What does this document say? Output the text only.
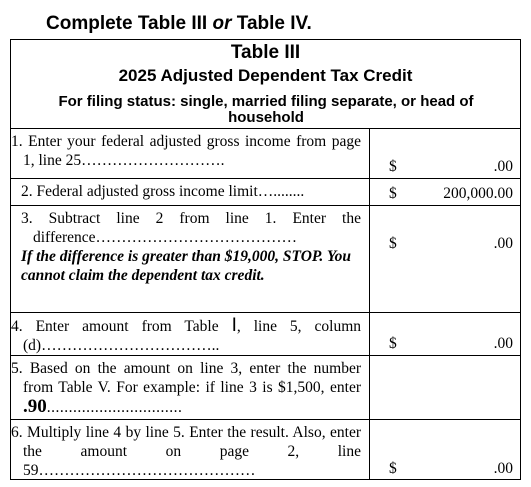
Complete Table III or Table IV.
Table III
2025 Adjusted Dependent Tax Credit
For filing status: single, married filing separate, or head of household
1. Enter your federal adjusted gross income from page 1, line 25……………………….	$	.00
2. Federal adjusted gross income limit…........	$	200,000.00
3. Subtract line 2 from line 1. Enter the difference…………………………………
If the difference is greater than $19,000, STOP. You cannot claim the dependent tax credit.
$	.00
4. Enter amount from Table I, line 5, column (d)……………………………..	$	.00
5. Based on the amount on line 3, enter the number from Table V. For example: if line 3 is $1,500, enter .90...............................
6. Multiply line 4 by line 5. Enter the result. Also, enter the amount on page 2, line 59……………………………………	$	.00
